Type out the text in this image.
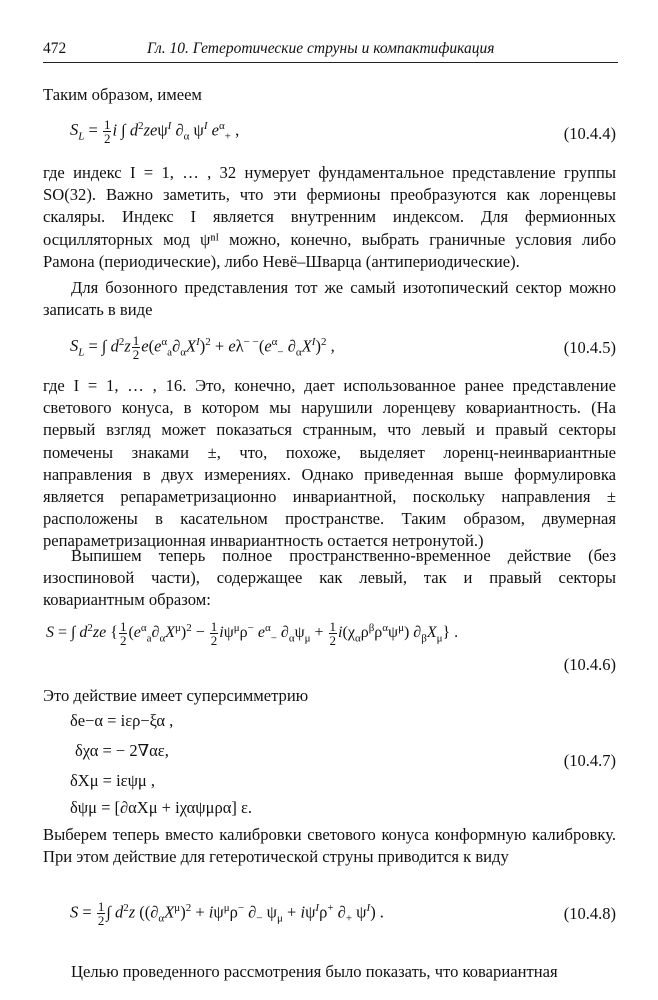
472	Гл. 10. Гетеротические струны и компактификация
Таким образом, имеем
$S_L = \frac{1}{2}$ i ∫ $d^2ze\psi^I$ $\partial_\alpha$ $\psi^I$ $e^\alpha_+$ ,	(10.4.4)
где индекс I = 1, … , 32 нумерует фундаментальное представление группы SO(32). Важно заметить, что эти фермионы преобразуются как лоренцевы скаляры. Индекс I является внутренним индексом. Для фермионных осцилляторных мод ψⁿᴵ можно, конечно, выбрать граничные условия либо Рамона (периодические), либо Невё–Шварца (антипериодические).
Для бозонного представления тот же самый изотопический сектор можно записать в виде
$S_L$ = ∫ $d^2z \frac{1}{2} e(e^\alpha_a\partial_\alpha X^I)^2 + e\lambda^{- -}(e^\alpha_-$ $\partial_\alpha X^I)^2$ ,	(10.4.5)
где I = 1, … , 16. Это, конечно, дает использованное ранее представление светового конуса, в котором мы нарушили лоренцеву ковариантность. (На первый взгляд может показаться странным, что левый и правый секторы помечены знаками ±, что, похоже, выделяет лоренц-неинвариантные направления в двух измерениях. Однако приведенная выше формулировка является репараметризационно инвариантной, поскольку направления ± расположены в касательном пространстве. Таким образом, двумерная репараметризационная инвариантность остается нетронутой.)
Выпишем теперь полное пространственно-временное действие (без изоспиновой части), содержащее как левый, так и правый секторы ковариантным образом:
S = ∫ $d^2ze$ { $\frac{1}{2} (e^\alpha_a\partial_\alpha X^\mu)^2 - \frac{1}{2} i\psi^\mu\rho^-$ $e^\alpha_-$ $\partial_\alpha\psi_\mu + \frac{1}{2} i(\chi_\alpha\rho^\beta\rho^\alpha\psi^\mu)$ $\partial_\beta X_\mu$} .
(10.4.6)
Это действие имеет суперсимметрию
δe−α = iερ−ξα ,
δχα = − 2∇αε,
δXμ = iεψμ ,
δψμ = [∂αXμ + iχαψμρα] ε.
(10.4.7)
Выберем теперь вместо калибровки светового конуса конформную калибровку. При этом действие для гетеротической струны приводится к виду
$S = \frac{1}{2}$ ∫ $d^2z$ ($(\partial_\alpha X^\mu)^2 + i\psi^\mu\rho^-$ $\partial_-$ $\psi_\mu + i\psi^I\rho^+$ $\partial_+$ $\psi^I$) .	(10.4.8)
Целью проведенного рассмотрения было показать, что ковариантная
